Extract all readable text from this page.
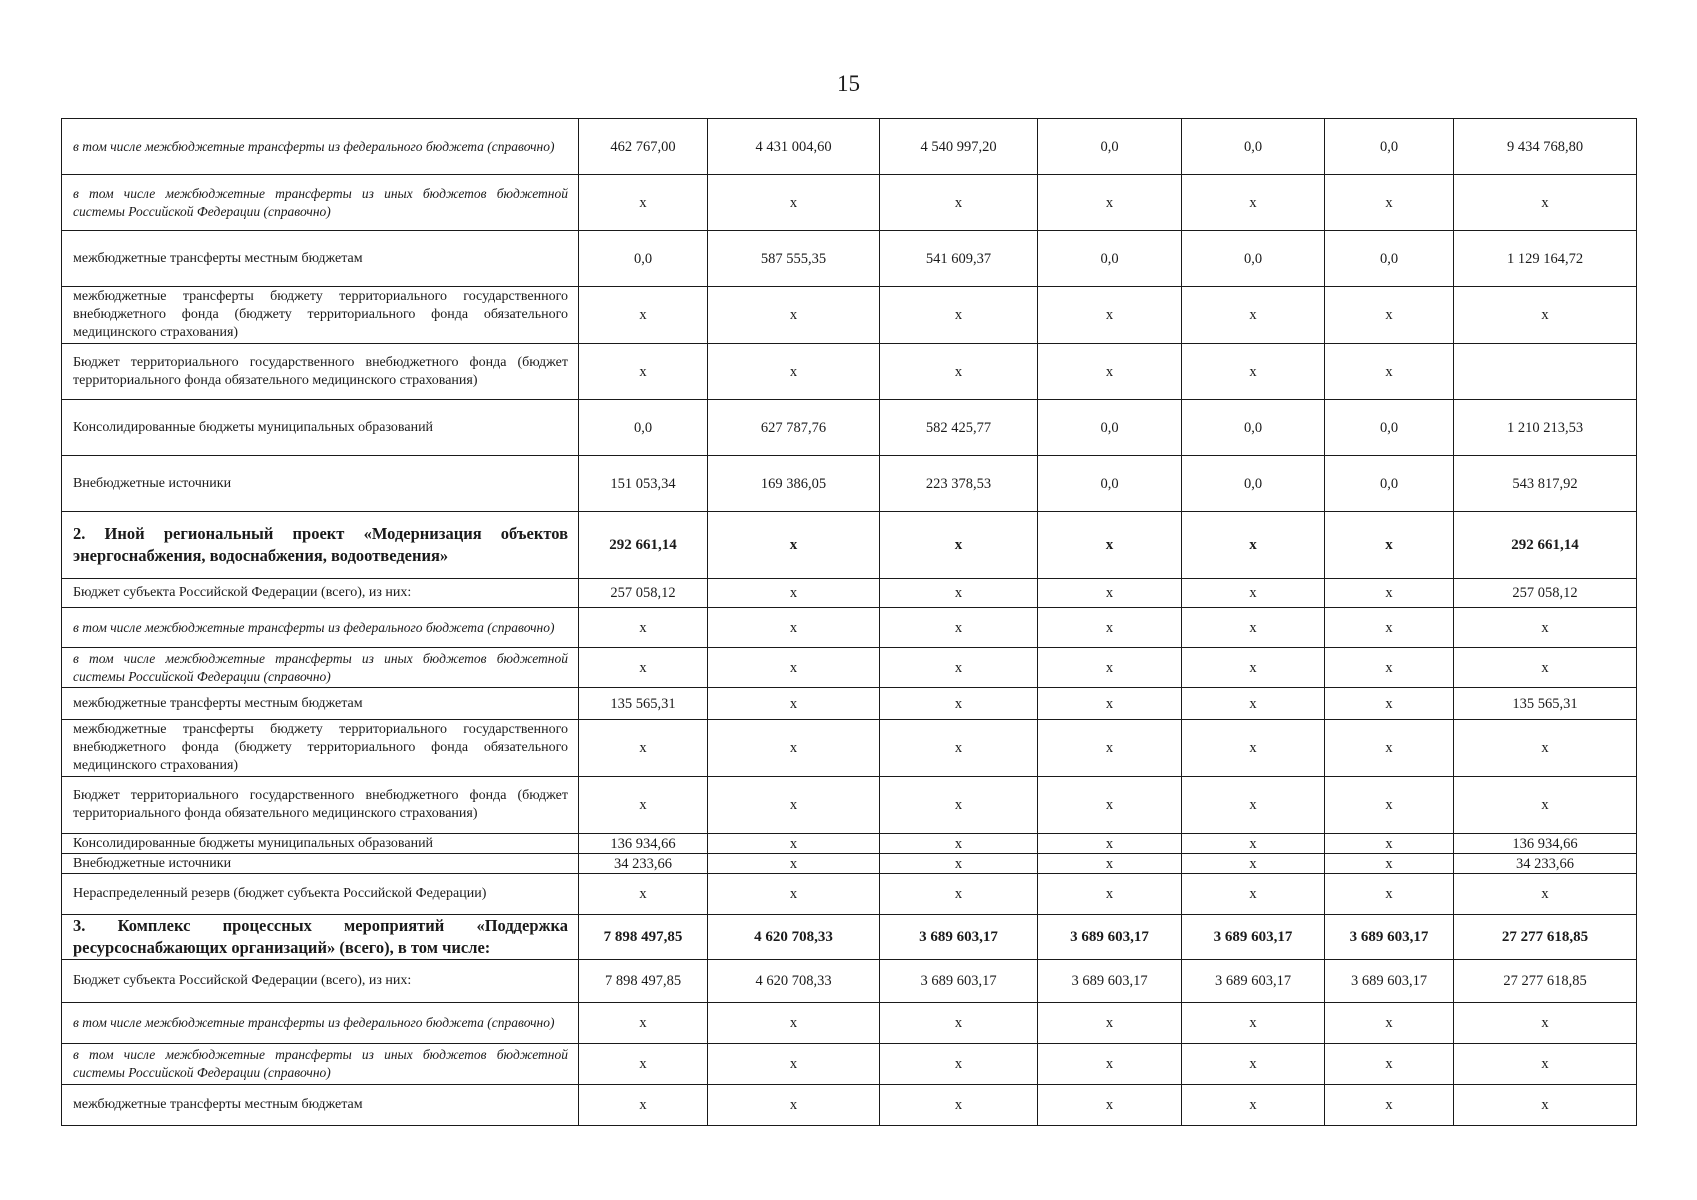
15
в том числе межбюджетные трансферты из федерального бюджета (справочно)	462 767,00	4 431 004,60	4 540 997,20	0,0	0,0	0,0	9 434 768,80
в том числе межбюджетные трансферты из иных бюджетов бюджетной системы Российской Федерации (справочно)	х	х	х	х	х	х	х
межбюджетные трансферты местным бюджетам	0,0	587 555,35	541 609,37	0,0	0,0	0,0	1 129 164,72
межбюджетные трансферты бюджету территориального государственного внебюджетного фонда (бюджету территориального фонда обязательного медицинского страхования)	х	х	х	х	х	х	х
Бюджет территориального государственного внебюджетного фонда (бюджет территориального фонда обязательного медицинского страхования)	х	х	х	х	х	х	
Консолидированные бюджеты муниципальных образований	0,0	627 787,76	582 425,77	0,0	0,0	0,0	1 210 213,53
Внебюджетные источники	151 053,34	169 386,05	223 378,53	0,0	0,0	0,0	543 817,92
2. Иной региональный проект «Модернизация объектов энергоснабжения, водоснабжения, водоотведения»	292 661,14	х	х	х	х	х	292 661,14
Бюджет субъекта Российской Федерации (всего), из них:	257 058,12	х	х	х	х	х	257 058,12
в том числе межбюджетные трансферты из федерального бюджета (справочно)	х	х	х	х	х	х	х
в том числе межбюджетные трансферты из иных бюджетов бюджетной системы Российской Федерации (справочно)	х	х	х	х	х	х	х
межбюджетные трансферты местным бюджетам	135 565,31	х	х	х	х	х	135 565,31
межбюджетные трансферты бюджету территориального государственного внебюджетного фонда (бюджету территориального фонда обязательного медицинского страхования)	х	х	х	х	х	х	х
Бюджет территориального государственного внебюджетного фонда (бюджет территориального фонда обязательного медицинского страхования)	х	х	х	х	х	х	х
Консолидированные бюджеты муниципальных образований	136 934,66	х	х	х	х	х	136 934,66
Внебюджетные источники	34 233,66	х	х	х	х	х	34 233,66
Нераспределенный резерв (бюджет субъекта Российской Федерации)	х	х	х	х	х	х	х
3. Комплекс процессных мероприятий «Поддержка ресурсоснабжающих организаций» (всего), в том числе:	7 898 497,85	4 620 708,33	3 689 603,17	3 689 603,17	3 689 603,17	3 689 603,17	27 277 618,85
Бюджет субъекта Российской Федерации (всего), из них:	7 898 497,85	4 620 708,33	3 689 603,17	3 689 603,17	3 689 603,17	3 689 603,17	27 277 618,85
в том числе межбюджетные трансферты из федерального бюджета (справочно)	х	х	х	х	х	х	х
в том числе межбюджетные трансферты из иных бюджетов бюджетной системы Российской Федерации (справочно)	х	х	х	х	х	х	х
межбюджетные трансферты местным бюджетам	х	х	х	х	х	х	х
